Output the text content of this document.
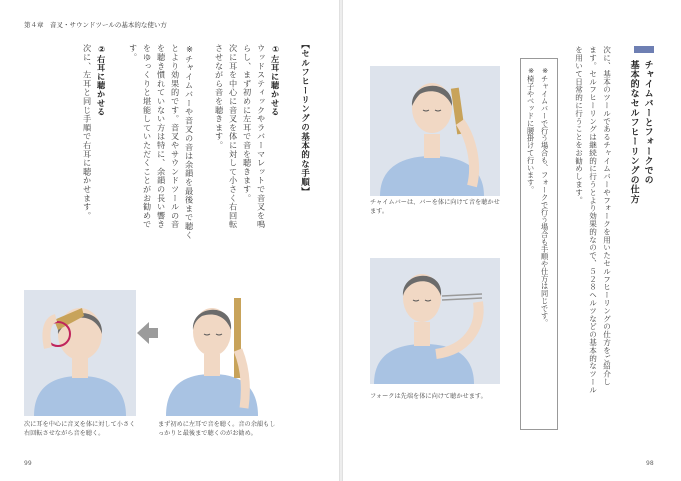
第４章　音叉・サウンドツールの基本的な使い方
【セルフヒーリングの基本的な手順】
①左耳に聴かせる
ウッドスティックやラバーマレットで音叉を鳴
らし、まず初めに左耳で音を聴きます。
次に耳を中心に音叉を体に対して小さく右回転
させながら音を聴きます。
※チャイムバーや音叉の音は余韻を最後まで聴く
とより効果的です。音叉やサウンドツールの音
を聴き慣れていない方は特に、余韻の長い響き
をゆっくりと堪能していただくことがお勧めで
す。
②右耳に聴かせる
次に、左耳と同じ手順で右耳に聴かせます。
次に耳を中心に音叉を体に対して小さく右回転させながら音を聴く。
まず初めに左耳で音を聴く。音の余韻もしっかりと最後まで聴くのがお勧め。
99
チャイムバーとフォークでの
基本的なセルフヒーリングの仕方
次に、基本のツールであるチャイムバーやフォークを用いたセルフヒーリングの仕方をご紹介し
ます。セルフヒーリングは継続的に行うとより効果的なので、５２８ヘルツなどの基本的なツール
を用いて日常的に行うことをお勧めします。
※チャイムバーで行う場合も、フォークで行う場合も手順や仕方は同じです。
※椅子やベッドに腰掛けて行います。
チャイムバーは、バーを体に向けて音を聴かせます。
フォークは先端を体に向けて聴かせます。
98
